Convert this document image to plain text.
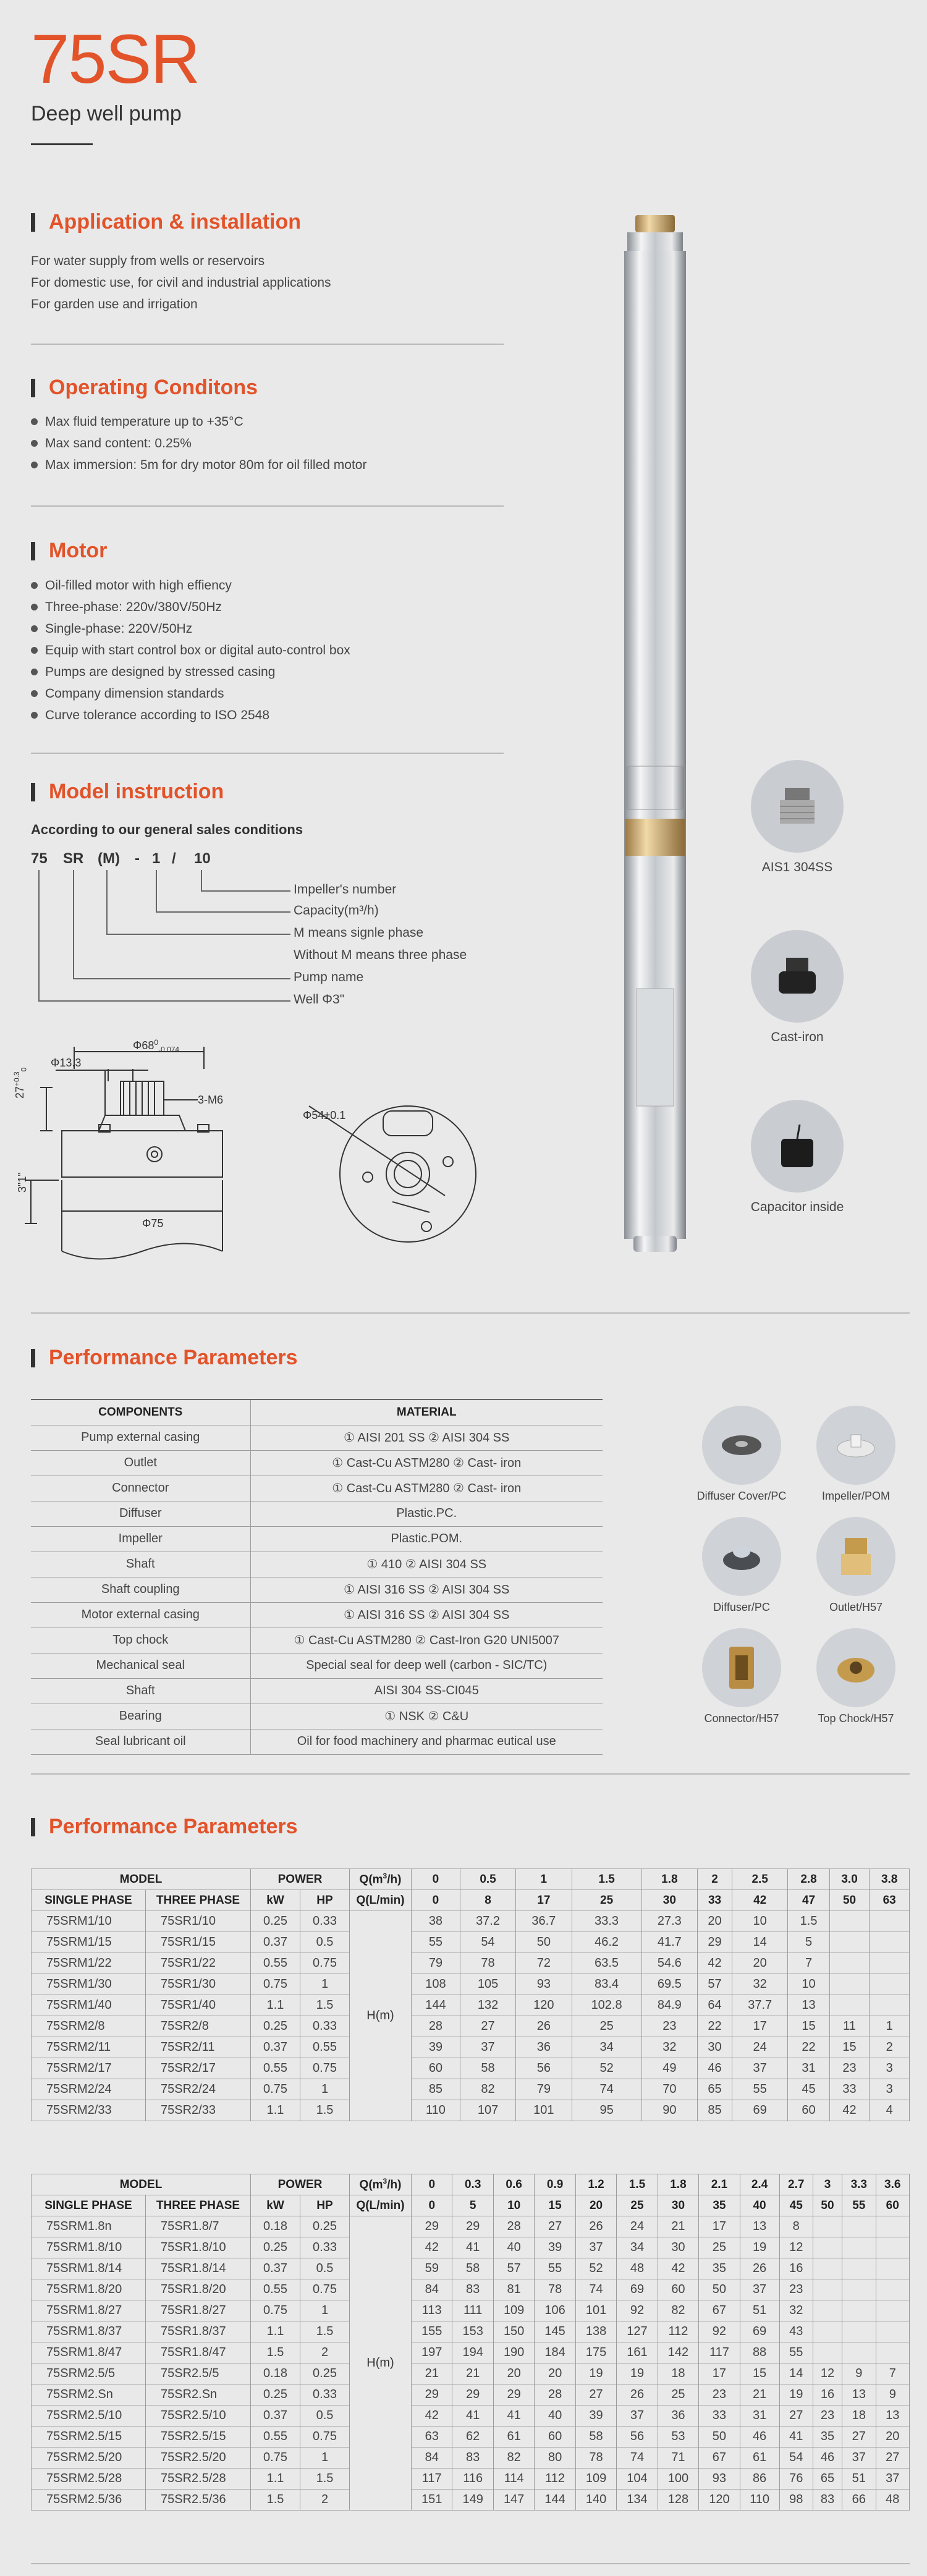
75SR
Deep well pump
Application & installation
For water supply from wells or reservoirs
For domestic use, for civil and industrial applications
For garden use and irrigation
Operating Conditons
Max fluid temperature up to +35°C
Max sand content: 0.25%
Max immersion: 5m for dry motor 80m for oil filled motor
Motor
Oil-filled motor with high effiency
Three-phase: 220v/380V/50Hz
Single-phase: 220V/50Hz
Equip with start control box or digital auto-control box
Pumps are designed by stressed casing
Company dimension standards
Curve tolerance according to ISO 2548
Model instruction
According to our general sales conditions
75 SR (M) - 1 / 10
Impeller's number
Capacity(m³/h)
M means signle phase
Without M means three phase
Pump name
Well Φ3"
$\Phi 68^0_{-0.074}$
Φ13.3
$27^{+0.3}_0$
3-M6
Φ75
3"1"
Φ54±0.1
AIS1 304SS
Cast-iron
Capacitor inside
Performance Parameters
COMPONENTS	MATERIAL
Pump external casing	① AISI 201 SS ② AISI 304 SS
Outlet	① Cast-Cu ASTM280 ② Cast- iron
Connector	① Cast-Cu ASTM280 ② Cast- iron
Diffuser	Plastic.PC.
Impeller	Plastic.POM.
Shaft	① 410 ② AISI 304 SS
Shaft coupling	① AISI 316 SS ② AISI 304 SS
Motor external casing	① AISI 316 SS ② AISI 304 SS
Top chock	① Cast-Cu ASTM280 ② Cast-Iron G20 UNI5007
Mechanical seal	Special seal for deep well (carbon - SIC/TC)
Shaft	AISI 304 SS-CI045
Bearing	① NSK ② C&U
Seal lubricant oil	Oil for food machinery and pharmac eutical use
Diffuser Cover/PC	Impeller/POM
Diffuser/PC	Outlet/H57
Connector/H57	Top Chock/H57
Performance Parameters
MODEL		POWER		$Q(m^3/h)$	0	0.5	1	1.5	1.8	2	2.5	2.8	3.0	3.8
SINGLE PHASE	THREE PHASE	kW	HP	Q(L/min)	0	8	17	25	30	33	42	47	50	63
75SRM1/10	75SR1/10	0.25	0.33	H(m)	38	37.2	36.7	33.3	27.3	20	10	1.5		
75SRM1/15	75SR1/15	0.37	0.5		55	54	50	46.2	41.7	29	14	5		
75SRM1/22	75SR1/22	0.55	0.75		79	78	72	63.5	54.6	42	20	7		
75SRM1/30	75SR1/30	0.75	1		108	105	93	83.4	69.5	57	32	10		
75SRM1/40	75SR1/40	1.1	1.5		144	132	120	102.8	84.9	64	37.7	13		
75SRM2/8	75SR2/8	0.25	0.33		28	27	26	25	23	22	17	15	11	1
75SRM2/11	75SR2/11	0.37	0.55		39	37	36	34	32	30	24	22	15	2
75SRM2/17	75SR2/17	0.55	0.75		60	58	56	52	49	46	37	31	23	3
75SRM2/24	75SR2/24	0.75	1		85	82	79	74	70	65	55	45	33	3
75SRM2/33	75SR2/33	1.1	1.5		110	107	101	95	90	85	69	60	42	4
MODEL		POWER		$Q(m^3/h)$	0	0.3	0.6	0.9	1.2	1.5	1.8	2.1	2.4	2.7	3	3.3	3.6
SINGLE PHASE	THREE PHASE	kW	HP	Q(L/min)	0	5	10	15	20	25	30	35	40	45	50	55	60
75SRM1.8n	75SR1.8/7	0.18	0.25	H(m)	29	29	28	27	26	24	21	17	13	8			
75SRM1.8/10	75SR1.8/10	0.25	0.33		42	41	40	39	37	34	30	25	19	12			
75SRM1.8/14	75SR1.8/14	0.37	0.5		59	58	57	55	52	48	42	35	26	16			
75SRM1.8/20	75SR1.8/20	0.55	0.75		84	83	81	78	74	69	60	50	37	23			
75SRM1.8/27	75SR1.8/27	0.75	1		113	111	109	106	101	92	82	67	51	32			
75SRM1.8/37	75SR1.8/37	1.1	1.5		155	153	150	145	138	127	112	92	69	43			
75SRM1.8/47	75SR1.8/47	1.5	2		197	194	190	184	175	161	142	117	88	55			
75SRM2.5/5	75SR2.5/5	0.18	0.25		21	21	20	20	19	19	18	17	15	14	12	9	7
75SRM2.Sn	75SR2.Sn	0.25	0.33		29	29	29	28	27	26	25	23	21	19	16	13	9
75SRM2.5/10	75SR2.5/10	0.37	0.5		42	41	41	40	39	37	36	33	31	27	23	18	13
75SRM2.5/15	75SR2.5/15	0.55	0.75		63	62	61	60	58	56	53	50	46	41	35	27	20
75SRM2.5/20	75SR2.5/20	0.75	1		84	83	82	80	78	74	71	67	61	54	46	37	27
75SRM2.5/28	75SR2.5/28	1.1	1.5		117	116	114	112	109	104	100	93	86	76	65	51	37
75SRM2.5/36	75SR2.5/36	1.5	2		151	149	147	144	140	134	128	120	110	98	83	66	48
